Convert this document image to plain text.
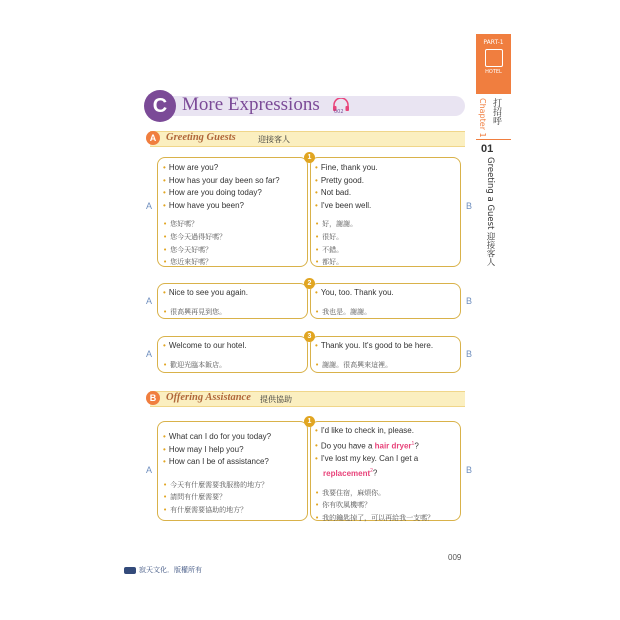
PART-1
HOTEL
Chapter 1 打招呼
01
Greeting a Guest 迎接客人
C More Expressions	002
A Greeting Guests	迎接客人
1
A	B
• How are you?
• How has your day been so far?
• How are you doing today?
• How have you been?
• 您好嗎？
• 您今天過得好嗎？
• 您今天好嗎？
• 您近來好嗎？
• Fine, thank you.
• Pretty good.
• Not bad.
• I've been well.
• 好，謝謝。
• 很好。
• 不錯。
• 都好。
2
A	B
• Nice to see you again.
• 很高興再見到您。
• You, too. Thank you.
• 我也是。謝謝。
3
A	B
• Welcome to our hotel.
• 歡迎光臨本飯店。
• Thank you. It's good to be here.
• 謝謝。很高興來這裡。
B Offering Assistance 提供協助
1
A	B
• What can I do for you today?
• How may I help you?
• How can I be of assistance?
• 今天有什麼需要我服務的地方？
• 請問有什麼需要？
• 有什麼需要協助的地方？
• I'd like to check in, please.
• Do you have a hair dryer$^1$?
• I've lost my key. Can I get a
replacement$^2$?
• 我要住宿，麻煩你。
• 你有吹風機嗎？
• 我的鑰匙掉了，可以再給我一支嗎？
009
寂天文化．版權所有
